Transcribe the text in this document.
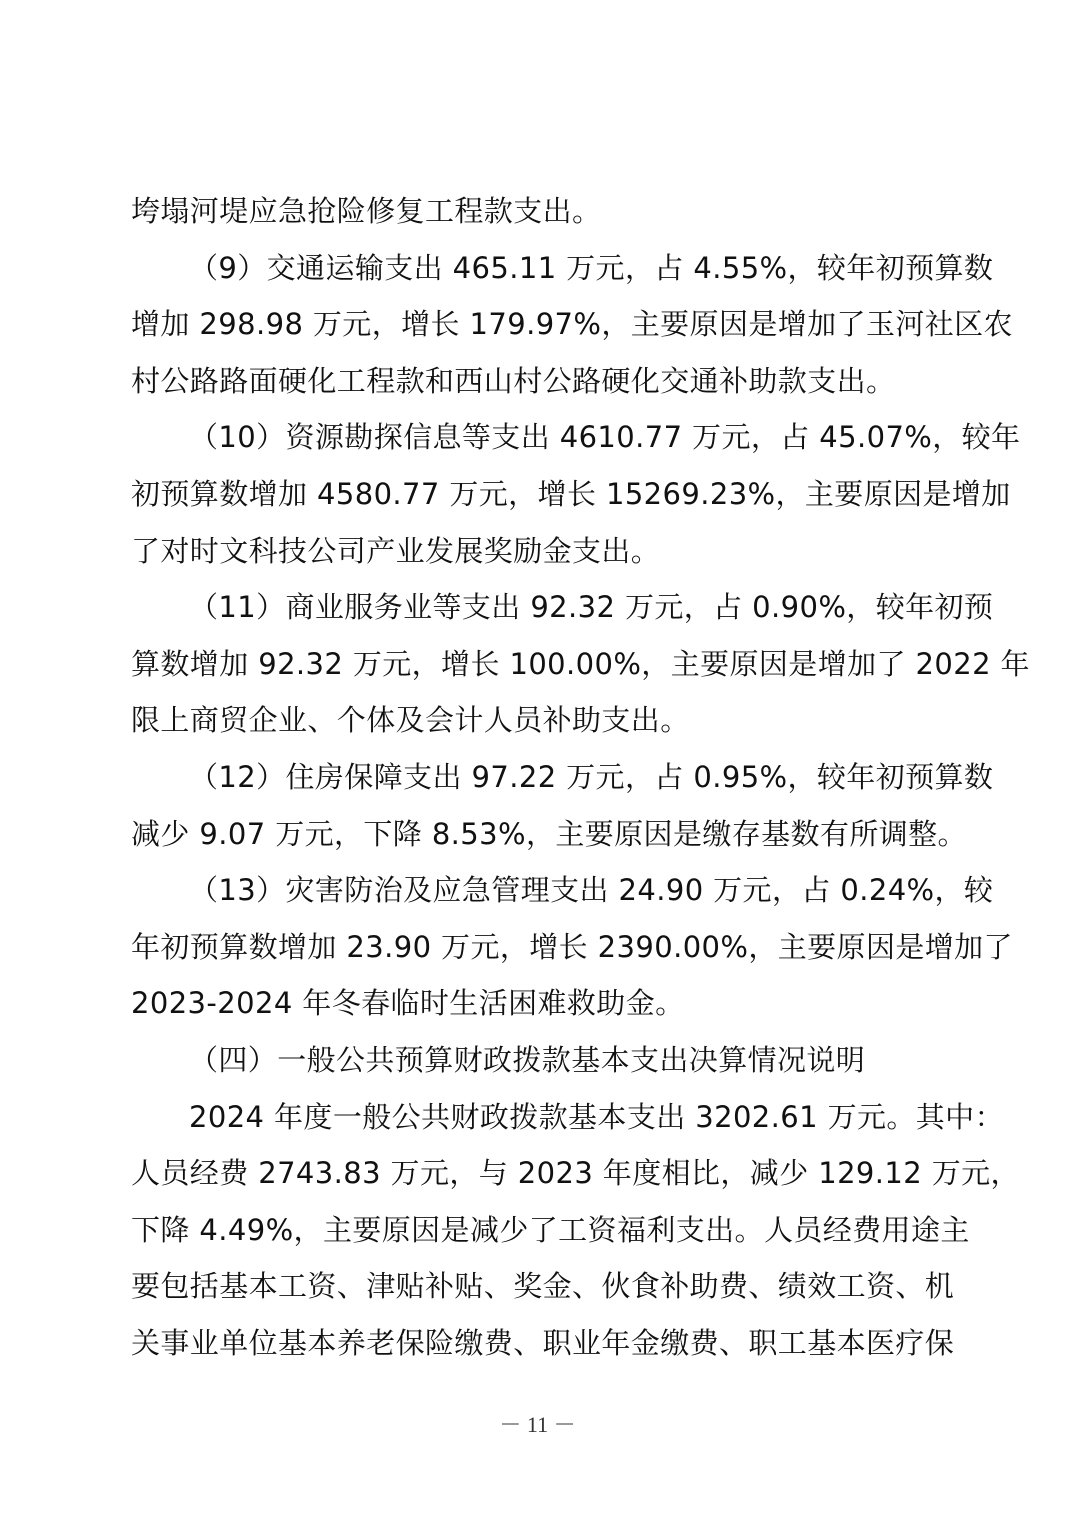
垮塌河堤应急抢险修复工程款支出。
（9）交通运输支出 465.11 万元，占 4.55%，较年初预算数
增加 298.98 万元，增长 179.97%，主要原因是增加了玉河社区农
村公路路面硬化工程款和西山村公路硬化交通补助款支出。
（10）资源勘探信息等支出 4610.77 万元，占 45.07%，较年
初预算数增加 4580.77 万元，增长 15269.23%，主要原因是增加
了对时文科技公司产业发展奖励金支出。
（11）商业服务业等支出 92.32 万元，占 0.90%，较年初预
算数增加 92.32 万元，增长 100.00%，主要原因是增加了 2022 年
限上商贸企业、个体及会计人员补助支出。
（12）住房保障支出 97.22 万元，占 0.95%，较年初预算数
减少 9.07 万元，下降 8.53%，主要原因是缴存基数有所调整。
（13）灾害防治及应急管理支出 24.90 万元，占 0.24%，较
年初预算数增加 23.90 万元，增长 2390.00%，主要原因是增加了
2023-2024 年冬春临时生活困难救助金。
（四）一般公共预算财政拨款基本支出决算情况说明
2024 年度一般公共财政拨款基本支出 3202.61 万元。其中：
人员经费 2743.83 万元，与 2023 年度相比，减少 129.12 万元，
下降 4.49%，主要原因是减少了工资福利支出。人员经费用途主
要包括基本工资、津贴补贴、奖金、伙食补助费、绩效工资、机
关事业单位基本养老保险缴费、职业年金缴费、职工基本医疗保
－ 11 －
